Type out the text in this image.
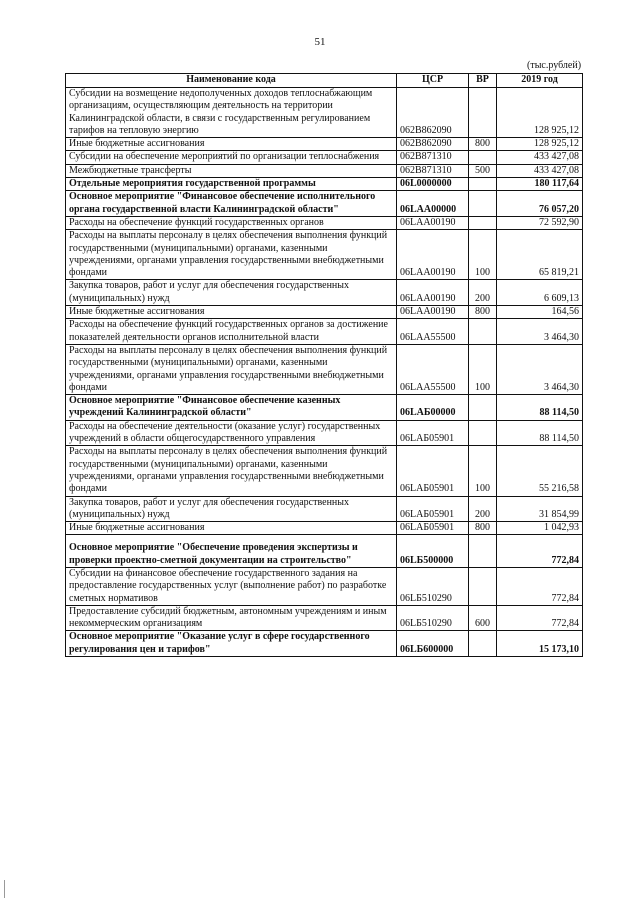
51
(тыс.рублей)
Наименование кода	ЦСР	ВР	2019 год
Субсидии на возмещение недополученных доходов теплоснабжающим организациям, осуществляющим деятельность на территории Калининградской области, в связи с государственным регулированием тарифов на тепловую энергию	062В862090		128 925,12
Иные бюджетные ассигнования	062В862090	800	128 925,12
Субсидии на обеспечение мероприятий по организации теплоснабжения	062В871310		433 427,08
Межбюджетные трансферты	062В871310	500	433 427,08
Отдельные мероприятия государственной программы	06L0000000		180 117,64
Основное мероприятие "Финансовое обеспечение исполнительного органа государственной власти Калининградской области"	06LАА00000		76 057,20
Расходы на обеспечение функций государственных органов	06LАА00190		72 592,90
Расходы на выплаты персоналу в целях обеспечения выполнения функций государственными (муниципальными) органами, казенными учреждениями, органами управления государственными внебюджетными фондами	06LАА00190	100	65 819,21
Закупка товаров, работ и услуг для обеспечения государственных (муниципальных) нужд	06LАА00190	200	6 609,13
Иные бюджетные ассигнования	06LАА00190	800	164,56
Расходы на обеспечение функций государственных органов за достижение показателей деятельности органов исполнительной власти	06LАА55500		3 464,30
Расходы на выплаты персоналу в целях обеспечения выполнения функций государственными (муниципальными) органами, казенными учреждениями, органами управления государственными внебюджетными фондами	06LАА55500	100	3 464,30
Основное мероприятие "Финансовое обеспечение казенных учреждений Калининградской области"	06LАБ00000		88 114,50
Расходы на обеспечение деятельности (оказание услуг) государственных учреждений в области общегосударственного управления	06LАБ05901		88 114,50
Расходы на выплаты персоналу в целях обеспечения выполнения функций государственными (муниципальными) органами, казенными учреждениями, органами управления государственными внебюджетными фондами	06LАБ05901	100	55 216,58
Закупка товаров, работ и услуг для обеспечения государственных (муниципальных) нужд	06LАБ05901	200	31 854,99
Иные бюджетные ассигнования	06LАБ05901	800	1 042,93

Основное мероприятие "Обеспечение проведения экспертизы и проверки проектно-сметной документации на строительство"	06LБ500000		772,84
Субсидии на финансовое обеспечение государственного задания на предоставление государственных услуг (выполнение работ) по разработке сметных нормативов	06LБ510290		772,84
Предоставление субсидий бюджетным, автономным учреждениям и иным некоммерческим организациям	06LБ510290	600	772,84
Основное мероприятие "Оказание услуг в сфере государственного регулирования цен и тарифов"	06LБ600000		15 173,10
